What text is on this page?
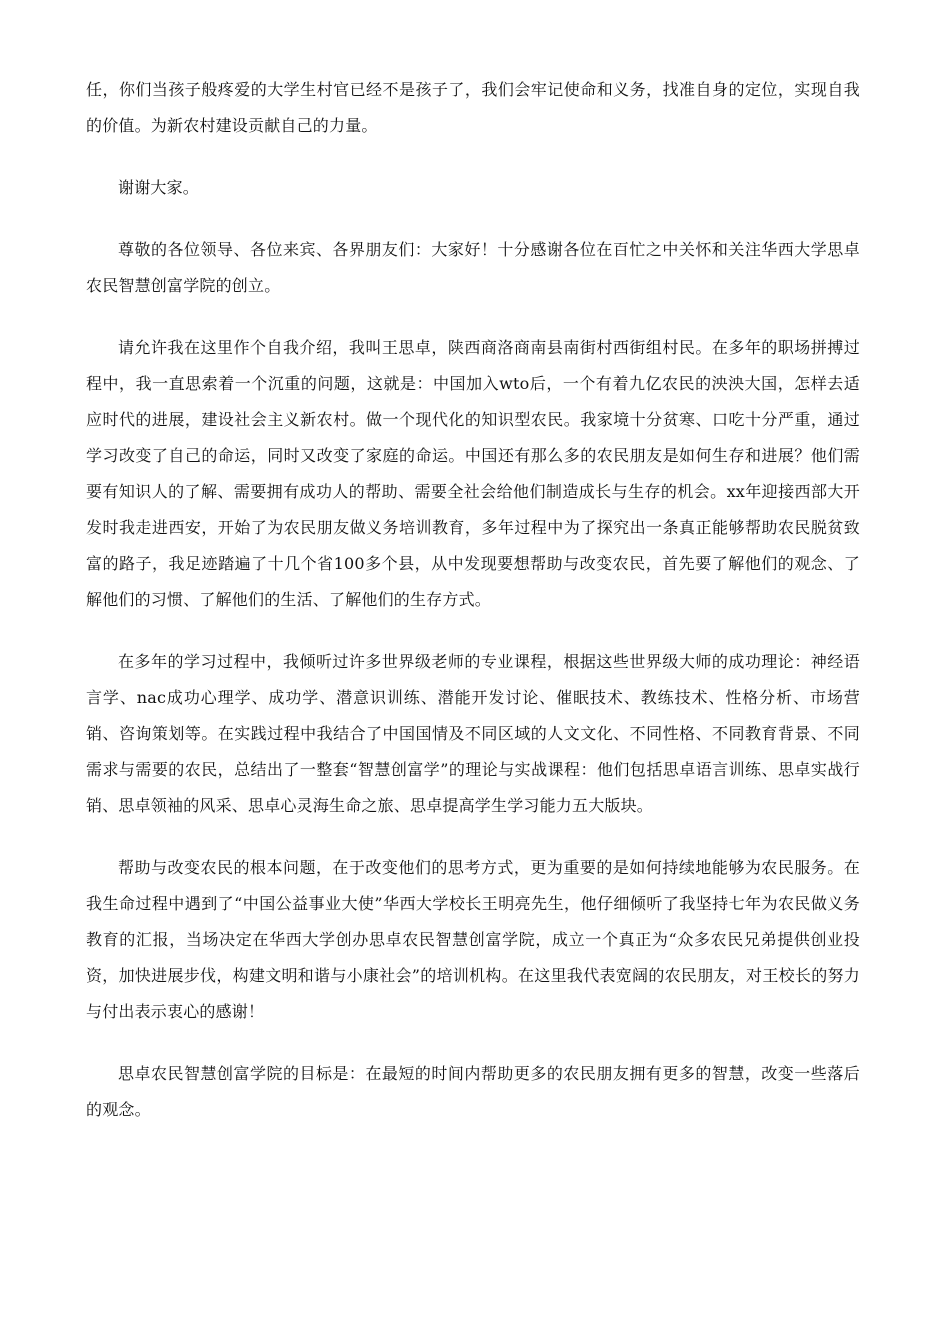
任，你们当孩子般疼爱的大学生村官已经不是孩子了，我们会牢记使命和义务，找准自身的定位，实现自我的价值。为新农村建设贡献自己的力量。

谢谢大家。

尊敬的各位领导、各位来宾、各界朋友们：大家好！十分感谢各位在百忙之中关怀和关注华西大学思卓农民智慧创富学院的创立。

请允许我在这里作个自我介绍，我叫王思卓，陕西商洛商南县南街村西街组村民。在多年的职场拼搏过程中，我一直思索着一个沉重的问题，这就是：中国加入wto后，一个有着九亿农民的泱泱大国，怎样去适应时代的进展，建设社会主义新农村。做一个现代化的知识型农民。我家境十分贫寒、口吃十分严重，通过学习改变了自己的命运，同时又改变了家庭的命运。中国还有那么多的农民朋友是如何生存和进展？他们需要有知识人的了解、需要拥有成功人的帮助、需要全社会给他们制造成长与生存的机会。xx年迎接西部大开发时我走进西安，开始了为农民朋友做义务培训教育，多年过程中为了探究出一条真正能够帮助农民脱贫致富的路子，我足迹踏遍了十几个省100多个县，从中发现要想帮助与改变农民，首先要了解他们的观念、了解他们的习惯、了解他们的生活、了解他们的生存方式。

在多年的学习过程中，我倾听过许多世界级老师的专业课程，根据这些世界级大师的成功理论：神经语言学、nac成功心理学、成功学、潜意识训练、潜能开发讨论、催眠技术、教练技术、性格分析、市场营销、咨询策划等。在实践过程中我结合了中国国情及不同区域的人文文化、不同性格、不同教育背景、不同需求与需要的农民，总结出了一整套“智慧创富学”的理论与实战课程：他们包括思卓语言训练、思卓实战行销、思卓领袖的风采、思卓心灵海生命之旅、思卓提高学生学习能力五大版块。

帮助与改变农民的根本问题，在于改变他们的思考方式，更为重要的是如何持续地能够为农民服务。在我生命过程中遇到了“中国公益事业大使”华西大学校长王明亮先生，他仔细倾听了我坚持七年为农民做义务教育的汇报，当场决定在华西大学创办思卓农民智慧创富学院，成立一个真正为“众多农民兄弟提供创业投资，加快进展步伐，构建文明和谐与小康社会”的培训机构。在这里我代表宽阔的农民朋友，对王校长的努力与付出表示衷心的感谢！

思卓农民智慧创富学院的目标是：在最短的时间内帮助更多的农民朋友拥有更多的智慧，改变一些落后的观念。
